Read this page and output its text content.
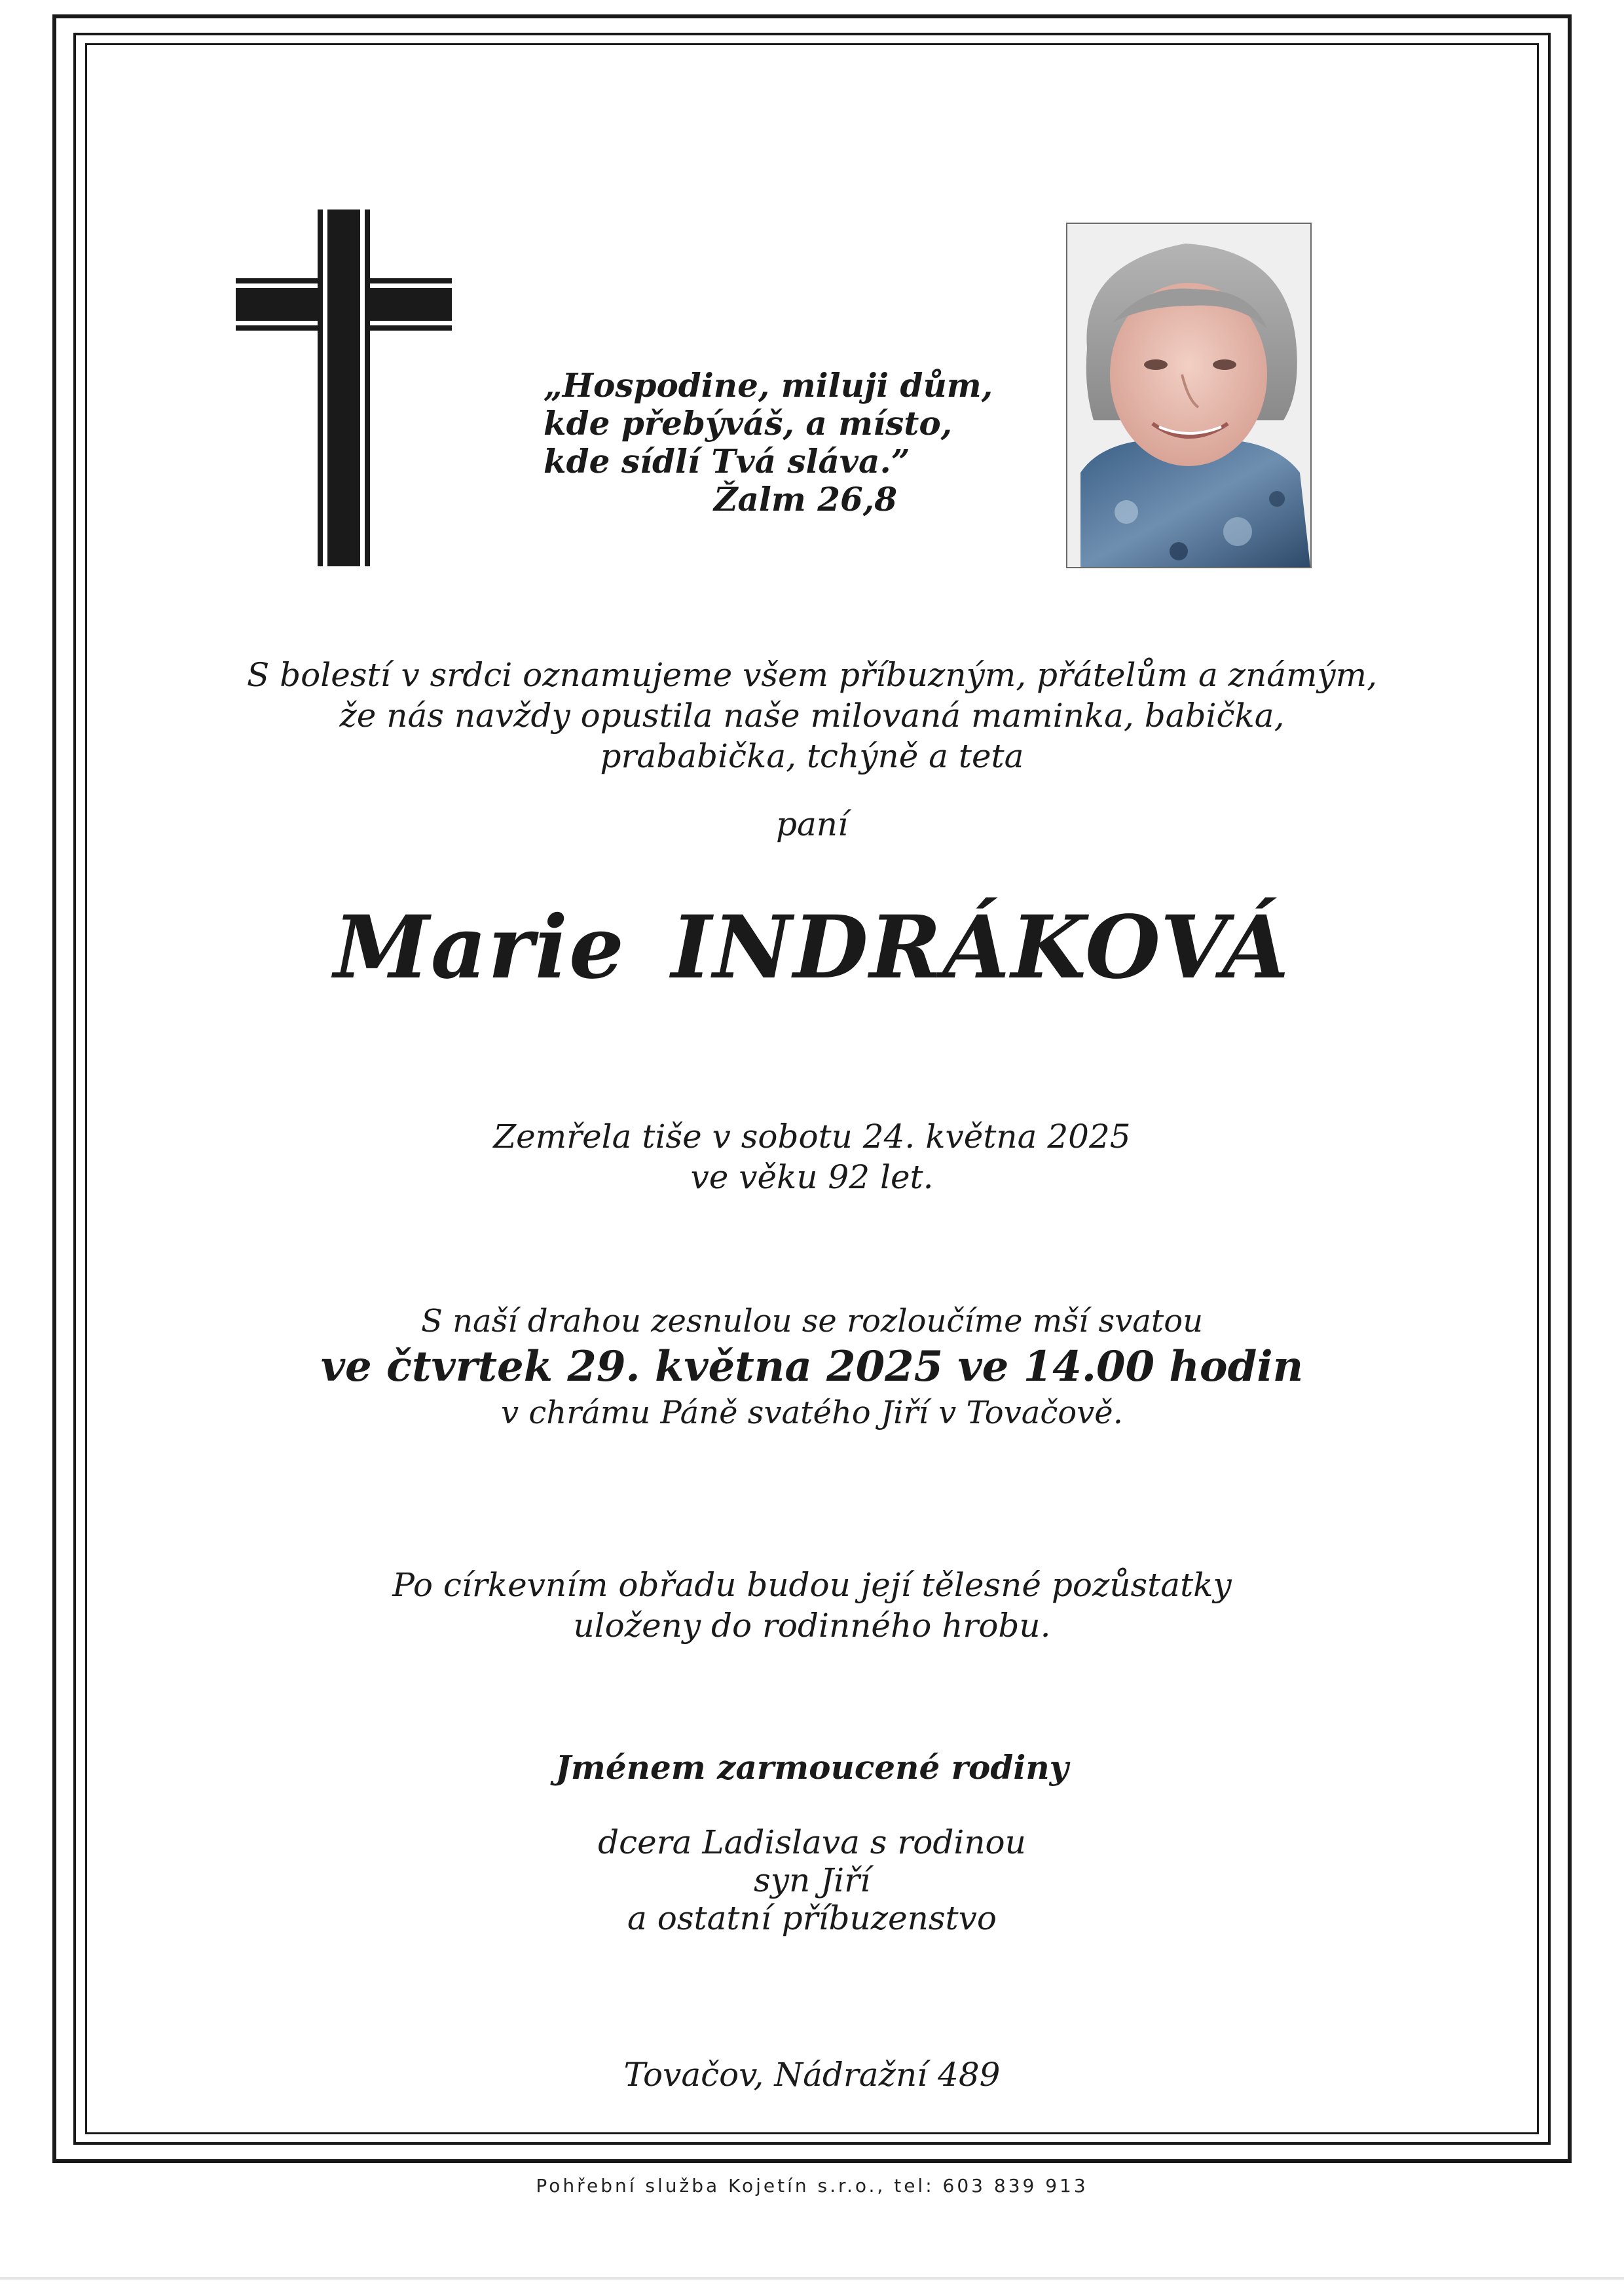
„Hospodine, miluji dům,
kde přebýváš, a místo,
kde sídlí Tvá sláva.”
Žalm 26,8
S bolestí v srdci oznamujeme všem příbuzným, přátelům a známým,
že nás navždy opustila naše milovaná maminka, babička,
prababička, tchýně a teta
paní
Marie INDRÁKOVÁ
Zemřela tiše v sobotu 24. května 2025
ve věku 92 let.
S naší drahou zesnulou se rozloučíme mší svatou
ve čtvrtek 29. května 2025 ve 14.00 hodin
v chrámu Páně svatého Jiří v Tovačově.
Po církevním obřadu budou její tělesné pozůstatky
uloženy do rodinného hrobu.
Jménem zarmoucené rodiny
dcera Ladislava s rodinou
syn Jiří
a ostatní příbuzenstvo
Tovačov, Nádražní 489
Pohřební služba Kojetín s.r.o., tel: 603 839 913
